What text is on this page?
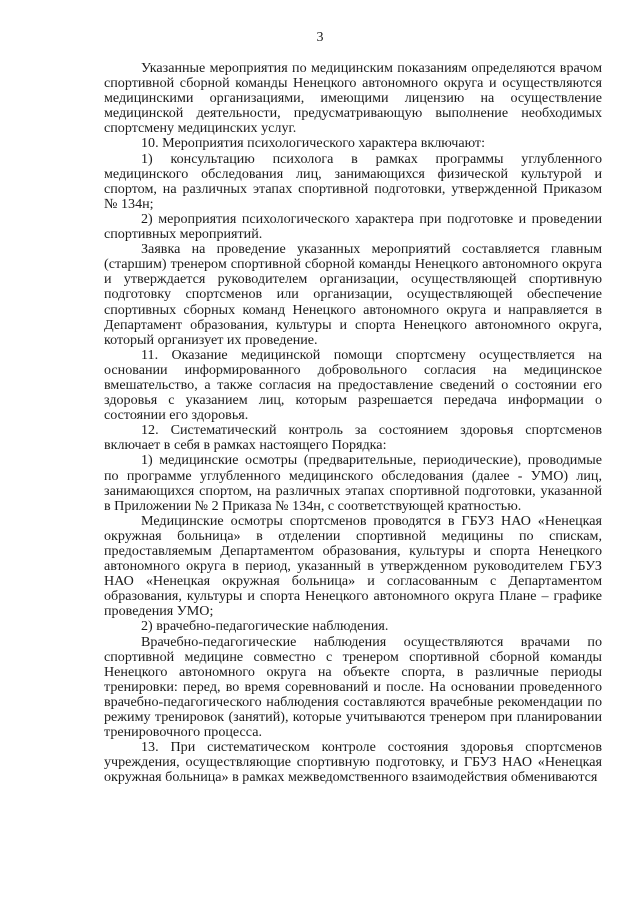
3

Указанные мероприятия по медицинским показаниям определяются врачом спортивной сборной команды Ненецкого автономного округа и осуществляются медицинскими организациями, имеющими лицензию на осуществление медицинской деятельности, предусматривающую выполнение необходимых спортсмену медицинских услуг.

10. Мероприятия психологического характера включают:

1) консультацию психолога в рамках программы углубленного медицинского обследования лиц, занимающихся физической культурой и спортом, на различных этапах спортивной подготовки, утвержденной Приказом № 134н;

2) мероприятия психологического характера при подготовке и проведении спортивных мероприятий.

Заявка на проведение указанных мероприятий составляется главным (старшим) тренером спортивной сборной команды Ненецкого автономного округа и утверждается руководителем организации, осуществляющей спортивную подготовку спортсменов или организации, осуществляющей обеспечение спортивных сборных команд Ненецкого автономного округа и направляется в Департамент образования, культуры и спорта Ненецкого автономного округа, который организует их проведение.

11. Оказание медицинской помощи спортсмену осуществляется на основании информированного добровольного согласия на медицинское вмешательство, а также согласия на предоставление сведений о состоянии его здоровья с указанием лиц, которым разрешается передача информации о состоянии его здоровья.

12. Систематический контроль за состоянием здоровья спортсменов включает в себя в рамках настоящего Порядка:

1) медицинские осмотры (предварительные, периодические), проводимые по программе углубленного медицинского обследования (далее - УМО) лиц, занимающихся спортом, на различных этапах спортивной подготовки, указанной в Приложении № 2 Приказа № 134н, с соответствующей кратностью.

Медицинские осмотры спортсменов проводятся в ГБУЗ НАО «Ненецкая окружная больница» в отделении спортивной медицины по спискам, предоставляемым Департаментом образования, культуры и спорта Ненецкого автономного округа в период, указанный в утвержденном руководителем ГБУЗ НАО «Ненецкая окружная больница» и согласованным с Департаментом образования, культуры и спорта Ненецкого автономного округа Плане – графике проведения УМО;

2) врачебно-педагогические наблюдения.

Врачебно-педагогические наблюдения осуществляются врачами по спортивной медицине совместно с тренером спортивной сборной команды Ненецкого автономного округа на объекте спорта, в различные периоды тренировки: перед, во время соревнований и после. На основании проведенного врачебно-педагогического наблюдения составляются врачебные рекомендации по режиму тренировок (занятий), которые учитываются тренером при планировании тренировочного процесса.

13. При систематическом контроле состояния здоровья спортсменов учреждения, осуществляющие спортивную подготовку, и ГБУЗ НАО «Ненецкая окружная больница» в рамках межведомственного взаимодействия обмениваются
